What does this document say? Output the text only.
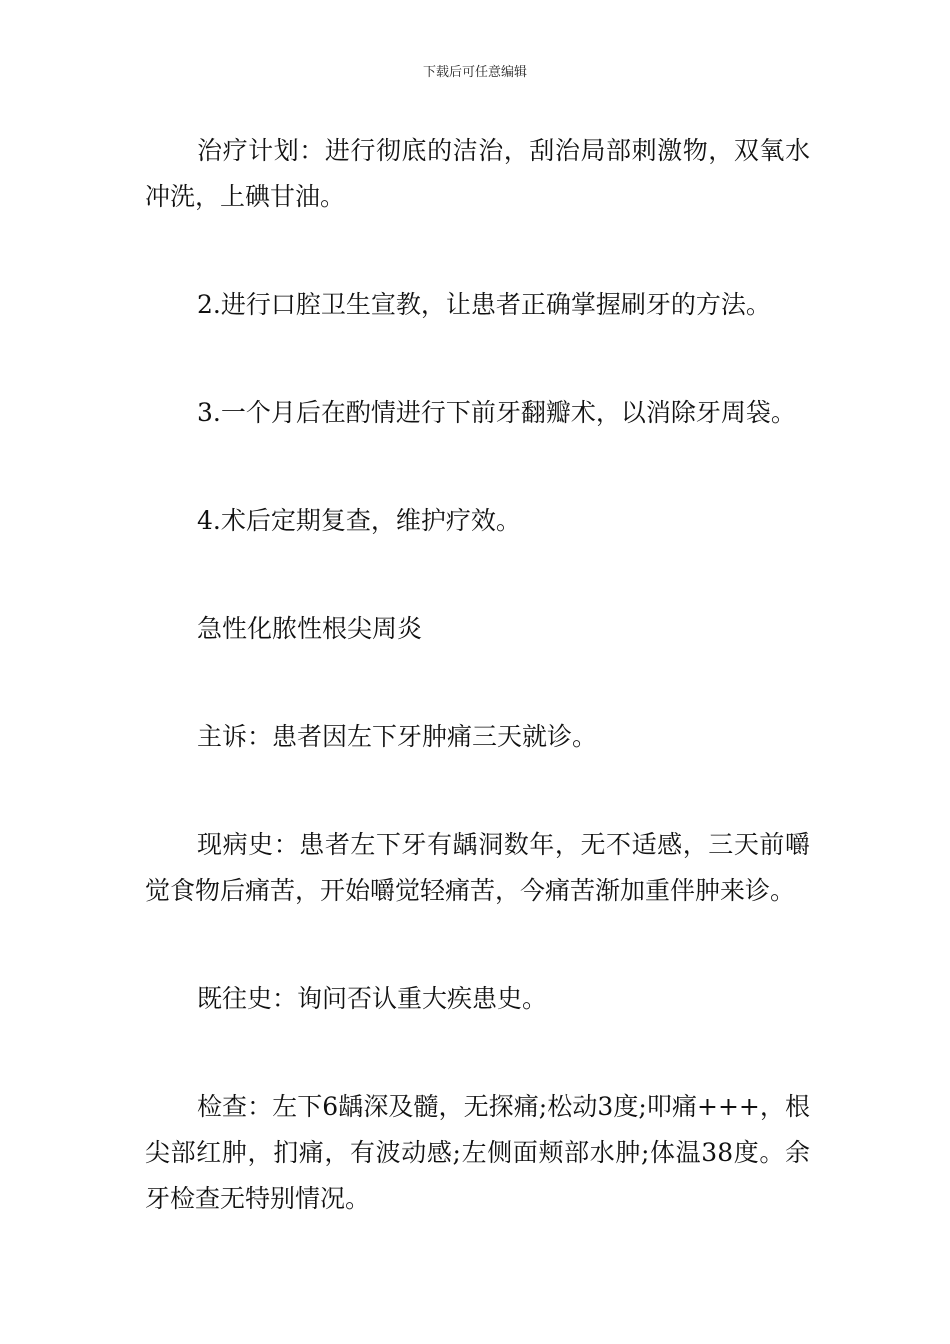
下载后可任意编辑

治疗计划：进行彻底的洁治，刮治局部刺激物，双氧水冲洗，上碘甘油。

2.进行口腔卫生宣教，让患者正确掌握刷牙的方法。

3.一个月后在酌情进行下前牙翻瓣术，以消除牙周袋。

4.术后定期复查，维护疗效。

急性化脓性根尖周炎

主诉：患者因左下牙肿痛三天就诊。

现病史：患者左下牙有龋洞数年，无不适感，三天前嚼觉食物后痛苦，开始嚼觉轻痛苦，今痛苦渐加重伴肿来诊。

既往史：询问否认重大疾患史。

检查：左下6龋深及髓，无探痛;松动3度;叩痛+++，根尖部红肿，扪痛，有波动感;左侧面颊部水肿;体温38度。余牙检查无特别情况。
